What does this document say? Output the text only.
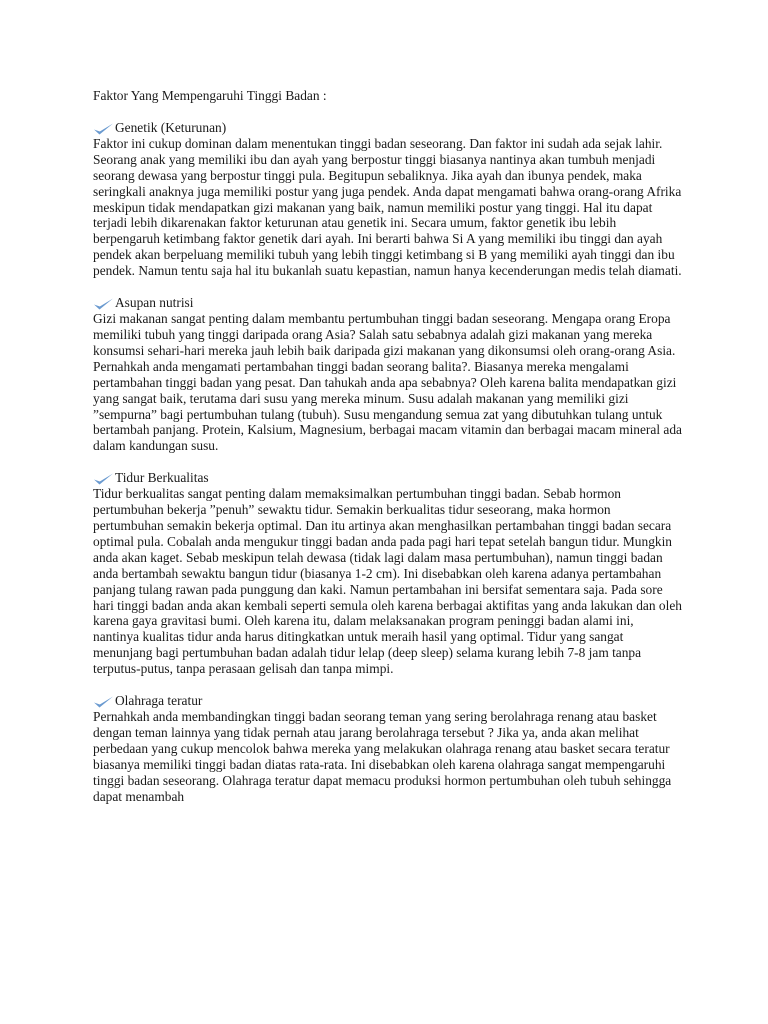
Faktor Yang Mempengaruhi Tinggi Badan :

Genetik (Keturunan)

Faktor ini cukup dominan dalam menentukan tinggi badan seseorang. Dan faktor ini sudah ada sejak lahir. Seorang anak yang memiliki ibu dan ayah yang berpostur tinggi biasanya nantinya akan tumbuh menjadi seorang dewasa yang berpostur tinggi pula. Begitupun sebaliknya. Jika ayah dan ibunya pendek, maka seringkali anaknya juga memiliki postur yang juga pendek. Anda dapat mengamati bahwa orang-orang Afrika meskipun tidak mendapatkan gizi makanan yang baik, namun memiliki postur yang tinggi. Hal itu dapat terjadi lebih dikarenakan faktor keturunan atau genetik ini. Secara umum, faktor genetik ibu lebih berpengaruh ketimbang faktor genetik dari ayah. Ini berarti bahwa Si A yang memiliki ibu tinggi dan ayah pendek akan berpeluang memiliki tubuh yang lebih tinggi ketimbang si B yang memiliki ayah tinggi dan ibu pendek. Namun tentu saja hal itu bukanlah suatu kepastian, namun hanya kecenderungan medis telah diamati.

Asupan nutrisi

Gizi makanan sangat penting dalam membantu pertumbuhan tinggi badan seseorang. Mengapa orang Eropa memiliki tubuh yang tinggi daripada orang Asia? Salah satu sebabnya adalah gizi makanan yang mereka konsumsi sehari-hari mereka jauh lebih baik daripada gizi makanan yang dikonsumsi oleh orang-orang Asia. Pernahkah anda mengamati pertambahan tinggi badan seorang balita?. Biasanya mereka mengalami pertambahan tinggi badan yang pesat. Dan tahukah anda apa sebabnya? Oleh karena balita mendapatkan gizi yang sangat baik, terutama dari susu yang mereka minum. Susu adalah makanan yang memiliki gizi ”sempurna” bagi pertumbuhan tulang (tubuh). Susu mengandung semua zat yang dibutuhkan tulang untuk bertambah panjang. Protein, Kalsium, Magnesium, berbagai macam vitamin dan berbagai macam mineral ada dalam kandungan susu.

Tidur Berkualitas

Tidur berkualitas sangat penting dalam memaksimalkan pertumbuhan tinggi badan. Sebab hormon pertumbuhan bekerja ”penuh” sewaktu tidur. Semakin berkualitas tidur seseorang, maka hormon pertumbuhan semakin bekerja optimal. Dan itu artinya akan menghasilkan pertambahan tinggi badan secara optimal pula. Cobalah anda mengukur tinggi badan anda pada pagi hari tepat setelah bangun tidur. Mungkin anda akan kaget. Sebab meskipun telah dewasa (tidak lagi dalam masa pertumbuhan), namun tinggi badan anda bertambah sewaktu bangun tidur (biasanya 1-2 cm). Ini disebabkan oleh karena adanya pertambahan panjang tulang rawan pada punggung dan kaki. Namun pertambahan ini bersifat sementara saja. Pada sore hari tinggi badan anda akan kembali seperti semula oleh karena berbagai aktifitas yang anda lakukan dan oleh karena gaya gravitasi bumi. Oleh karena itu, dalam melaksanakan program peninggi badan alami ini, nantinya kualitas tidur anda harus ditingkatkan untuk meraih hasil yang optimal. Tidur yang sangat menunjang bagi pertumbuhan badan adalah tidur lelap (deep sleep) selama kurang lebih 7-8 jam tanpa terputus-putus, tanpa perasaan gelisah dan tanpa mimpi.

Olahraga teratur

Pernahkah anda membandingkan tinggi badan seorang teman yang sering berolahraga renang atau basket dengan teman lainnya yang tidak pernah atau jarang berolahraga tersebut ? Jika ya, anda akan melihat perbedaan yang cukup mencolok bahwa mereka yang melakukan olahraga renang atau basket secara teratur biasanya memiliki tinggi badan diatas rata-rata. Ini disebabkan oleh karena olahraga sangat mempengaruhi tinggi badan seseorang. Olahraga teratur dapat memacu produksi hormon pertumbuhan oleh tubuh sehingga dapat menambah
